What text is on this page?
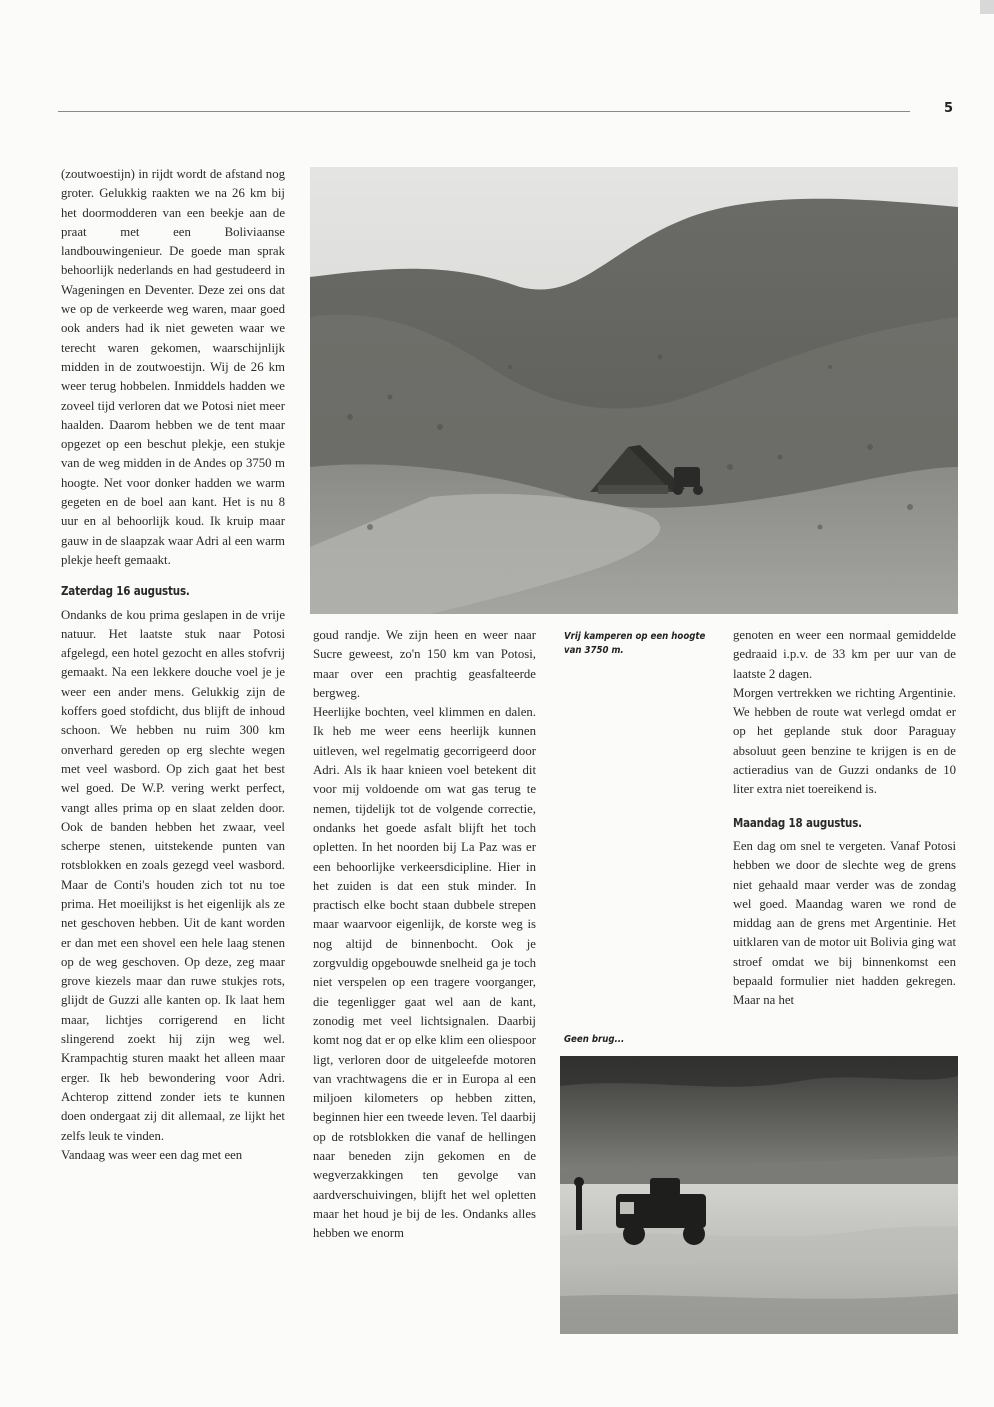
5

(zoutwoestijn) in rijdt wordt de afstand nog groter. Gelukkig raakten we na 26 km bij het doormodderen van een beekje aan de praat met een Boliviaanse landbouwingenieur. De goede man sprak behoorlijk nederlands en had gestudeerd in Wageningen en Deventer. Deze zei ons dat we op de verkeerde weg waren, maar goed ook anders had ik niet geweten waar we terecht waren gekomen, waarschijnlijk midden in de zoutwoestijn. Wij de 26 km weer terug hobbelen. Inmiddels hadden we zoveel tijd verloren dat we Potosi niet meer haalden. Daarom hebben we de tent maar opgezet op een beschut plekje, een stukje van de weg midden in de Andes op 3750 m hoogte. Net voor donker hadden we warm gegeten en de boel aan kant. Het is nu 8 uur en al behoorlijk koud. Ik kruip maar gauw in de slaapzak waar Adri al een warm plekje heeft gemaakt.

Zaterdag 16 augustus.

Ondanks de kou prima geslapen in de vrije natuur. Het laatste stuk naar Potosi afgelegd, een hotel gezocht en alles stofvrij gemaakt. Na een lekkere douche voel je je weer een ander mens. Gelukkig zijn de koffers goed stofdicht, dus blijft de inhoud schoon. We hebben nu ruim 300 km onverhard gereden op erg slechte wegen met veel wasbord. Op zich gaat het best wel goed. De W.P. vering werkt perfect, vangt alles prima op en slaat zelden door. Ook de banden hebben het zwaar, veel scherpe stenen, uitstekende punten van rotsblokken en zoals gezegd veel wasbord. Maar de Conti's houden zich tot nu toe prima. Het moeilijkst is het eigenlijk als ze net geschoven hebben. Uit de kant worden er dan met een shovel een hele laag stenen op de weg geschoven. Op deze, zeg maar grove kiezels maar dan ruwe stukjes rots, glijdt de Guzzi alle kanten op. Ik laat hem maar, lichtjes corrigerend en licht slingerend zoekt hij zijn weg wel. Krampachtig sturen maakt het alleen maar erger. Ik heb bewondering voor Adri. Achterop zittend zonder iets te kunnen doen ondergaat zij dit allemaal, ze lijkt het zelfs leuk te vinden.

Vandaag was weer een dag met een

Vrij kamperen op een hoogte van 3750 m.

goud randje. We zijn heen en weer naar Sucre geweest, zo'n 150 km van Potosi, maar over een prachtig geasfalteerde bergweg.

Heerlijke bochten, veel klimmen en dalen. Ik heb me weer eens heerlijk kunnen uitleven, wel regelmatig gecorrigeerd door Adri. Als ik haar knieen voel betekent dit voor mij voldoende om wat gas terug te nemen, tijdelijk tot de volgende correctie, ondanks het goede asfalt blijft het toch opletten. In het noorden bij La Paz was er een behoorlijke verkeersdicipline. Hier in het zuiden is dat een stuk minder. In practisch elke bocht staan dubbele strepen maar waarvoor eigenlijk, de korste weg is nog altijd de binnenbocht. Ook je zorgvuldig opgebouwde snelheid ga je toch niet verspelen op een tragere voorganger, die tegenligger gaat wel aan de kant, zonodig met veel lichtsignalen. Daarbij komt nog dat er op elke klim een oliespoor ligt, verloren door de uitgeleefde motoren van vrachtwagens die er in Europa al een miljoen kilometers op hebben zitten, beginnen hier een tweede leven. Tel daarbij op de rotsblokken die vanaf de hellingen naar beneden zijn gekomen en de wegverzakkingen ten gevolge van aardverschuivingen, blijft het wel opletten maar het houd je bij de les. Ondanks alles hebben we enorm

genoten en weer een normaal gemiddelde gedraaid i.p.v. de 33 km per uur van de laatste 2 dagen.

Morgen vertrekken we richting Argentinie. We hebben de route wat verlegd omdat er op het geplande stuk door Paraguay absoluut geen benzine te krijgen is en de actieradius van de Guzzi ondanks de 10 liter extra niet toereikend is.

Maandag 18 augustus.

Een dag om snel te vergeten. Vanaf Potosi hebben we door de slechte weg de grens niet gehaald maar verder was de zondag wel goed. Maandag waren we rond de middag aan de grens met Argentinie. Het uitklaren van de motor uit Bolivia ging wat stroef omdat we bij binnenkomst een bepaald formulier niet hadden gekregen. Maar na het

Geen brug...
